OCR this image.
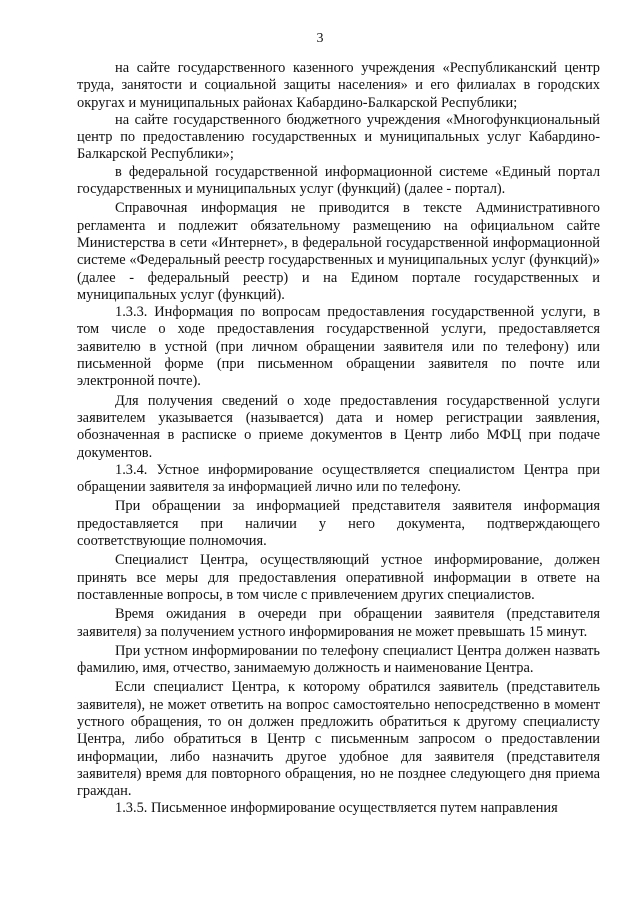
3

на сайте государственного казенного учреждения «Республиканский центр труда, занятости и социальной защиты населения» и его филиалах в городских округах и муниципальных районах Кабардино-Балкарской Республики;

на сайте государственного бюджетного учреждения «Многофункциональный центр по предоставлению государственных и муниципальных услуг Кабардино-Балкарской Республики»;

в федеральной государственной информационной системе «Единый портал государственных и муниципальных услуг (функций) (далее - портал).

Справочная информация не приводится в тексте Административного регламента и подлежит обязательному размещению на официальном сайте Министерства в сети «Интернет», в федеральной государственной информационной системе «Федеральный реестр государственных и муниципальных услуг (функций)» (далее - федеральный реестр) и на Едином портале государственных и муниципальных услуг (функций).

1.3.3. Информация по вопросам предоставления государственной услуги, в том числе о ходе предоставления государственной услуги, предоставляется заявителю в устной (при личном обращении заявителя или по телефону) или письменной форме (при письменном обращении заявителя по почте или электронной почте).

Для получения сведений о ходе предоставления государственной услуги заявителем указывается (называется) дата и номер регистрации заявления, обозначенная в расписке о приеме документов в Центр либо МФЦ при подаче документов.

1.3.4. Устное информирование осуществляется специалистом Центра при обращении заявителя за информацией лично или по телефону.

При обращении за информацией представителя заявителя информация предоставляется при наличии у него документа, подтверждающего соответствующие полномочия.

Специалист Центра, осуществляющий устное информирование, должен принять все меры для предоставления оперативной информации в ответе на поставленные вопросы, в том числе с привлечением других специалистов.

Время ожидания в очереди при обращении заявителя (представителя заявителя) за получением устного информирования не может превышать 15 минут.

При устном информировании по телефону специалист Центра должен назвать фамилию, имя, отчество, занимаемую должность и наименование Центра.

Если специалист Центра, к которому обратился заявитель (представитель заявителя), не может ответить на вопрос самостоятельно непосредственно в момент устного обращения, то он должен предложить обратиться к другому специалисту Центра, либо обратиться в Центр с письменным запросом о предоставлении информации, либо назначить другое удобное для заявителя (представителя заявителя) время для повторного обращения, но не позднее следующего дня приема граждан.

1.3.5. Письменное информирование осуществляется путем направления
